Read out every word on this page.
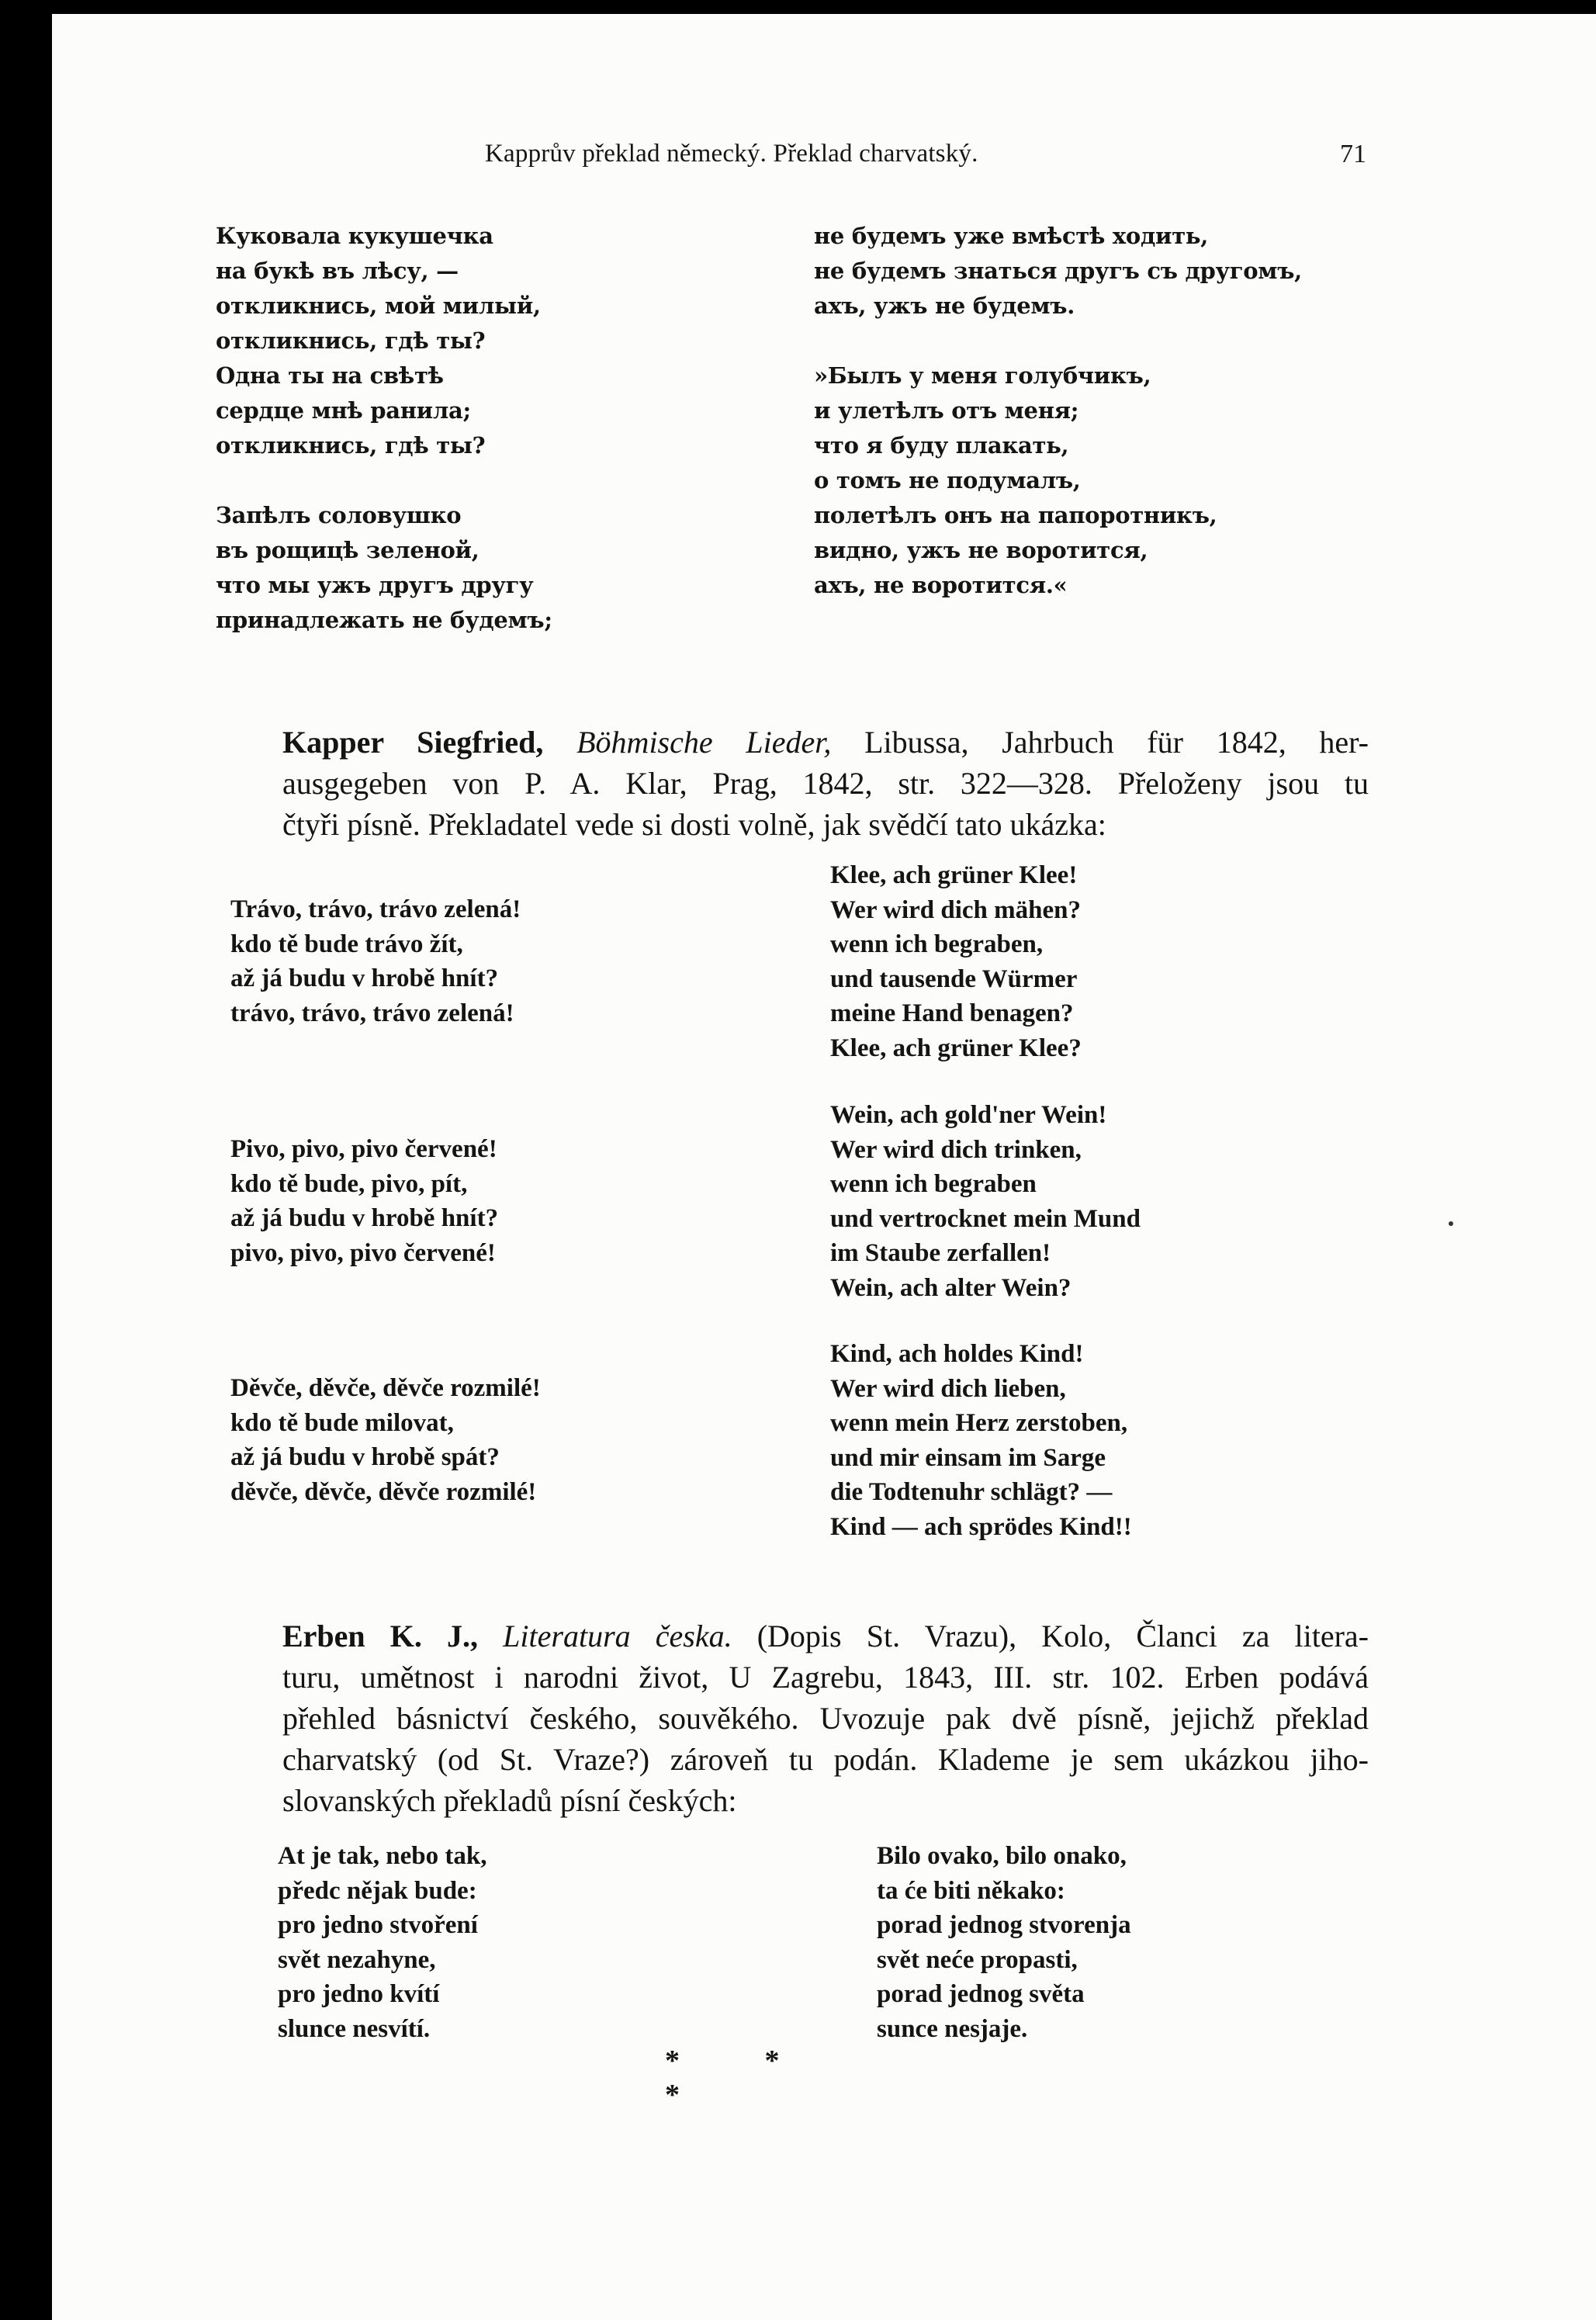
Kapprův překlad německý. Překlad charvatský.	71
Куковала кукушечка
на букѣ въ лѣсу, —
откликнись, мой милый,
откликнись, гдѣ ты?
Одна ты на свѣтѣ
сердце мнѣ ранила;
откликнись, гдѣ ты?
Запѣлъ соловушко
въ рощицѣ зеленой,
что мы ужъ другъ другу
принадлежать не будемъ;
не будемъ уже вмѣстѣ ходить,
не будемъ знаться другъ съ другомъ,
ахъ, ужъ не будемъ.
»Былъ у меня голубчикъ,
и улетѣлъ отъ меня;
что я буду плакать,
о томъ не подумалъ,
полетѣлъ онъ на папоротникъ,
видно, ужъ не воротится,
ахъ, не воротится.«
Kapper Siegfried, Böhmische Lieder, Libussa, Jahrbuch für 1842, her-
ausgegeben von P. A. Klar, Prag, 1842, str. 322—328. Přeloženy jsou tu
čtyři písně. Překladatel vede si dosti volně, jak svědčí tato ukázka:
Trávo, trávo, trávo zelená!
kdo tě bude trávo žít,
až já budu v hrobě hnít?
trávo, trávo, trávo zelená!
Pivo, pivo, pivo červené!
kdo tě bude, pivo, pít,
až já budu v hrobě hnít?
pivo, pivo, pivo červené!
Děvče, děvče, děvče rozmilé!
kdo tě bude milovat,
až já budu v hrobě spát?
děvče, děvče, děvče rozmilé!
Klee, ach grüner Klee!
Wer wird dich mähen?
wenn ich begraben,
und tausende Würmer
meine Hand benagen?
Klee, ach grüner Klee?
Wein, ach gold'ner Wein!
Wer wird dich trinken,
wenn ich begraben
und vertrocknet mein Mund
im Staube zerfallen!
Wein, ach alter Wein?
Kind, ach holdes Kind!
Wer wird dich lieben,
wenn mein Herz zerstoben,
und mir einsam im Sarge
die Todtenuhr schlägt? —
Kind — ach sprödes Kind!!
Erben K. J., Literatura česka. (Dopis St. Vrazu), Kolo, Članci za litera-
turu, umětnost i narodni život, U Zagrebu, 1843, III. str. 102. Erben podává
přehled básnictví českého, souvěkého. Uvozuje pak dvě písně, jejichž překlad
charvatský (od St. Vraze?) zároveň tu podán. Klademe je sem ukázkou jiho-
slovanských překladů písní českých:
At je tak, nebo tak,
předc nějak bude:
pro jedno stvoření
svět nezahyne,
pro jedno kvítí
slunce nesvítí.
Bilo ovako, bilo onako,
ta će biti někako:
porad jednog stvorenja
svět neće propasti,
porad jednog světa
sunce nesjaje.
* * *
